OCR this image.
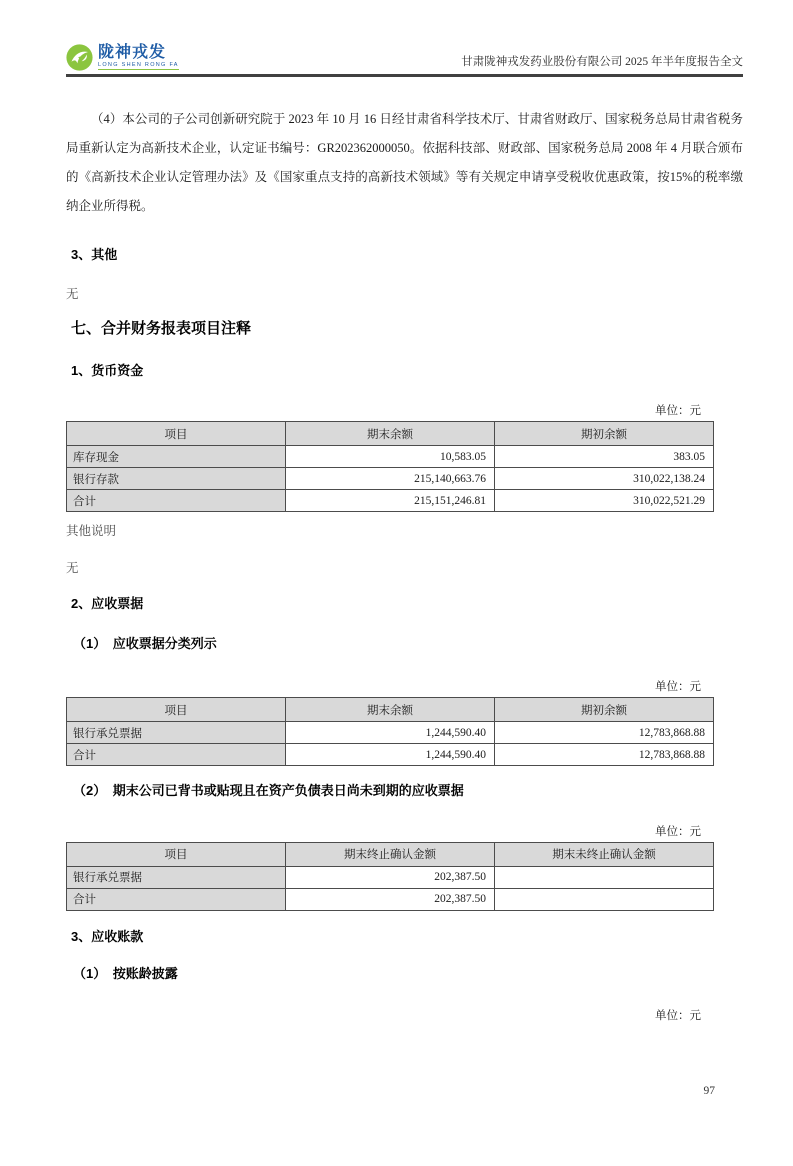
陇神戎发
LONG SHEN RONG FA	甘肃陇神戎发药业股份有限公司 2025 年半年度报告全文

（4）本公司的子公司创新研究院于 2023 年 10 月 16 日经甘肃省科学技术厅、甘肃省财政厅、国家税务总局甘肃省税务局重新认定为高新技术企业，认定证书编号：GR202362000050。依据科技部、财政部、国家税务总局 2008 年 4 月联合颁布的《高新技术企业认定管理办法》及《国家重点支持的高新技术领域》等有关规定申请享受税收优惠政策，按15%的税率缴纳企业所得税。

3、其他
无
七、合并财务报表项目注释
1、货币资金
单位：元
项目	期末余额	期初余额
库存现金	10,583.05	383.05
银行存款	215,140,663.76	310,022,138.24
合计	215,151,246.81	310,022,521.29
其他说明
无
2、应收票据
（1）　应收票据分类列示
单位：元
项目	期末余额	期初余额
银行承兑票据	1,244,590.40	12,783,868.88
合计	1,244,590.40	12,783,868.88
（2）　期末公司已背书或贴现且在资产负债表日尚未到期的应收票据
单位：元
项目	期末终止确认金额	期末未终止确认金额
银行承兑票据	202,387.50	
合计	202,387.50	
3、应收账款
（1）　按账龄披露
单位：元
97
